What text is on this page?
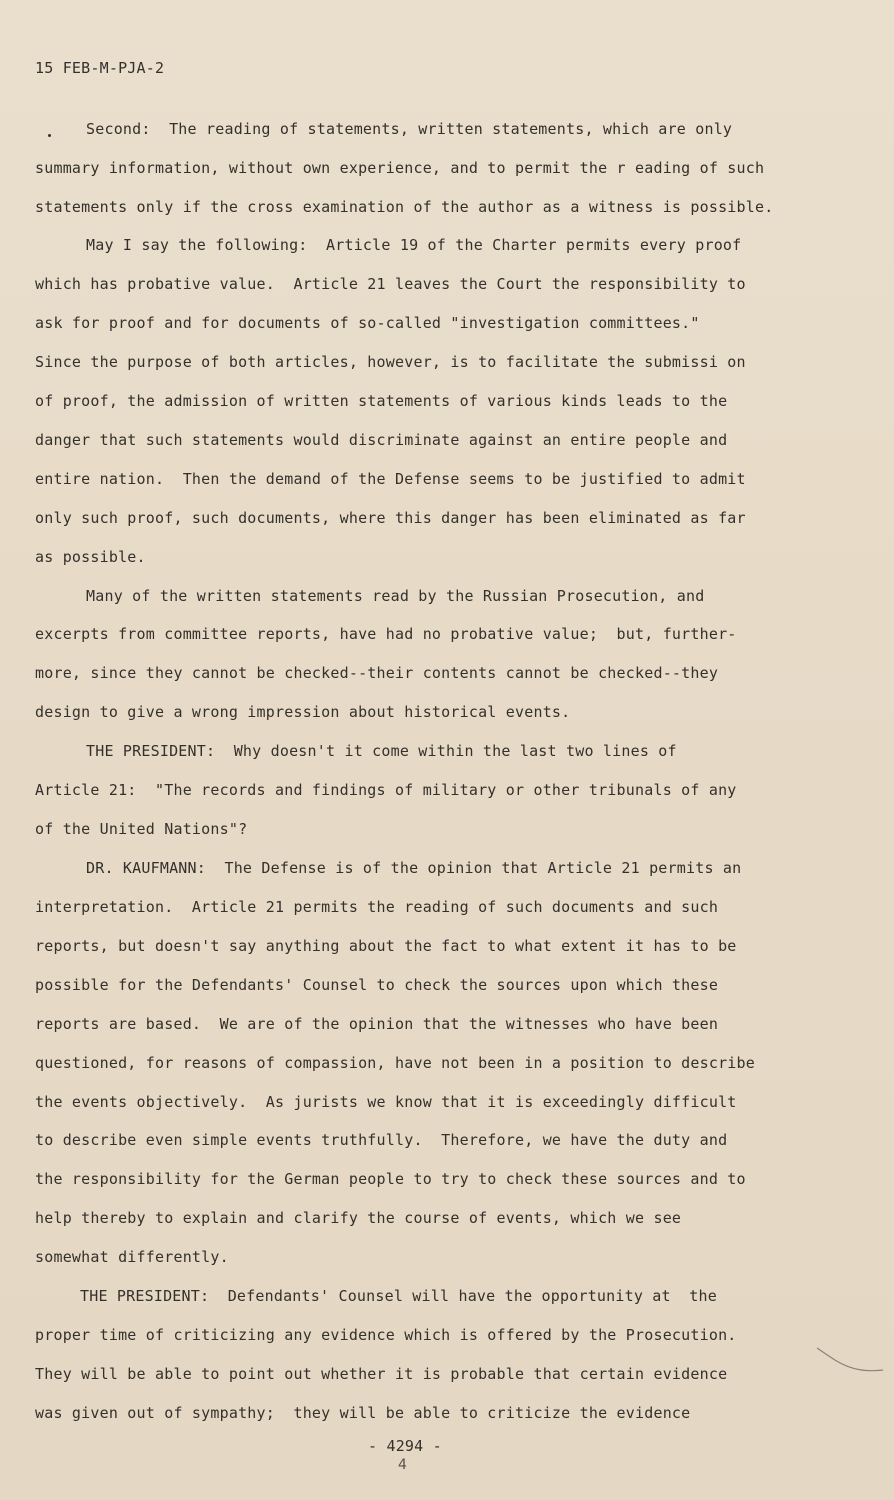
15 FEB-M-PJA-2
Second:  The reading of statements, written statements, which are only
summary information, without own experience, and to permit the r eading of such
statements only if the cross examination of the author as a witness is possible.
May I say the following:  Article 19 of the Charter permits every proof
which has probative value.  Article 21 leaves the Court the responsibility to
ask for proof and for documents of so-called "investigation committees."
Since the purpose of both articles, however, is to facilitate the submissi on
of proof, the admission of written statements of various kinds leads to the
danger that such statements would discriminate against an entire people and
entire nation.  Then the demand of the Defense seems to be justified to admit
only such proof, such documents, where this danger has been eliminated as far
as possible.
Many of the written statements read by the Russian Prosecution, and
excerpts from committee reports, have had no probative value;  but, further-
more, since they cannot be checked--their contents cannot be checked--they
design to give a wrong impression about historical events.
THE PRESIDENT:  Why doesn't it come within the last two lines of
Article 21:  "The records and findings of military or other tribunals of any
of the United Nations"?
DR. KAUFMANN:  The Defense is of the opinion that Article 21 permits an
interpretation.  Article 21 permits the reading of such documents and such
reports, but doesn't say anything about the fact to what extent it has to be
possible for the Defendants' Counsel to check the sources upon which these
reports are based.  We are of the opinion that the witnesses who have been
questioned, for reasons of compassion, have not been in a position to describe
the events objectively.  As jurists we know that it is exceedingly difficult
to describe even simple events truthfully.  Therefore, we have the duty and
the responsibility for the German people to try to check these sources and to
help thereby to explain and clarify the course of events, which we see
somewhat differently.
THE PRESIDENT:  Defendants' Counsel will have the opportunity at  the
proper time of criticizing any evidence which is offered by the Prosecution.
They will be able to point out whether it is probable that certain evidence
was given out of sympathy;  they will be able to criticize the evidence
- 4294 -
4
